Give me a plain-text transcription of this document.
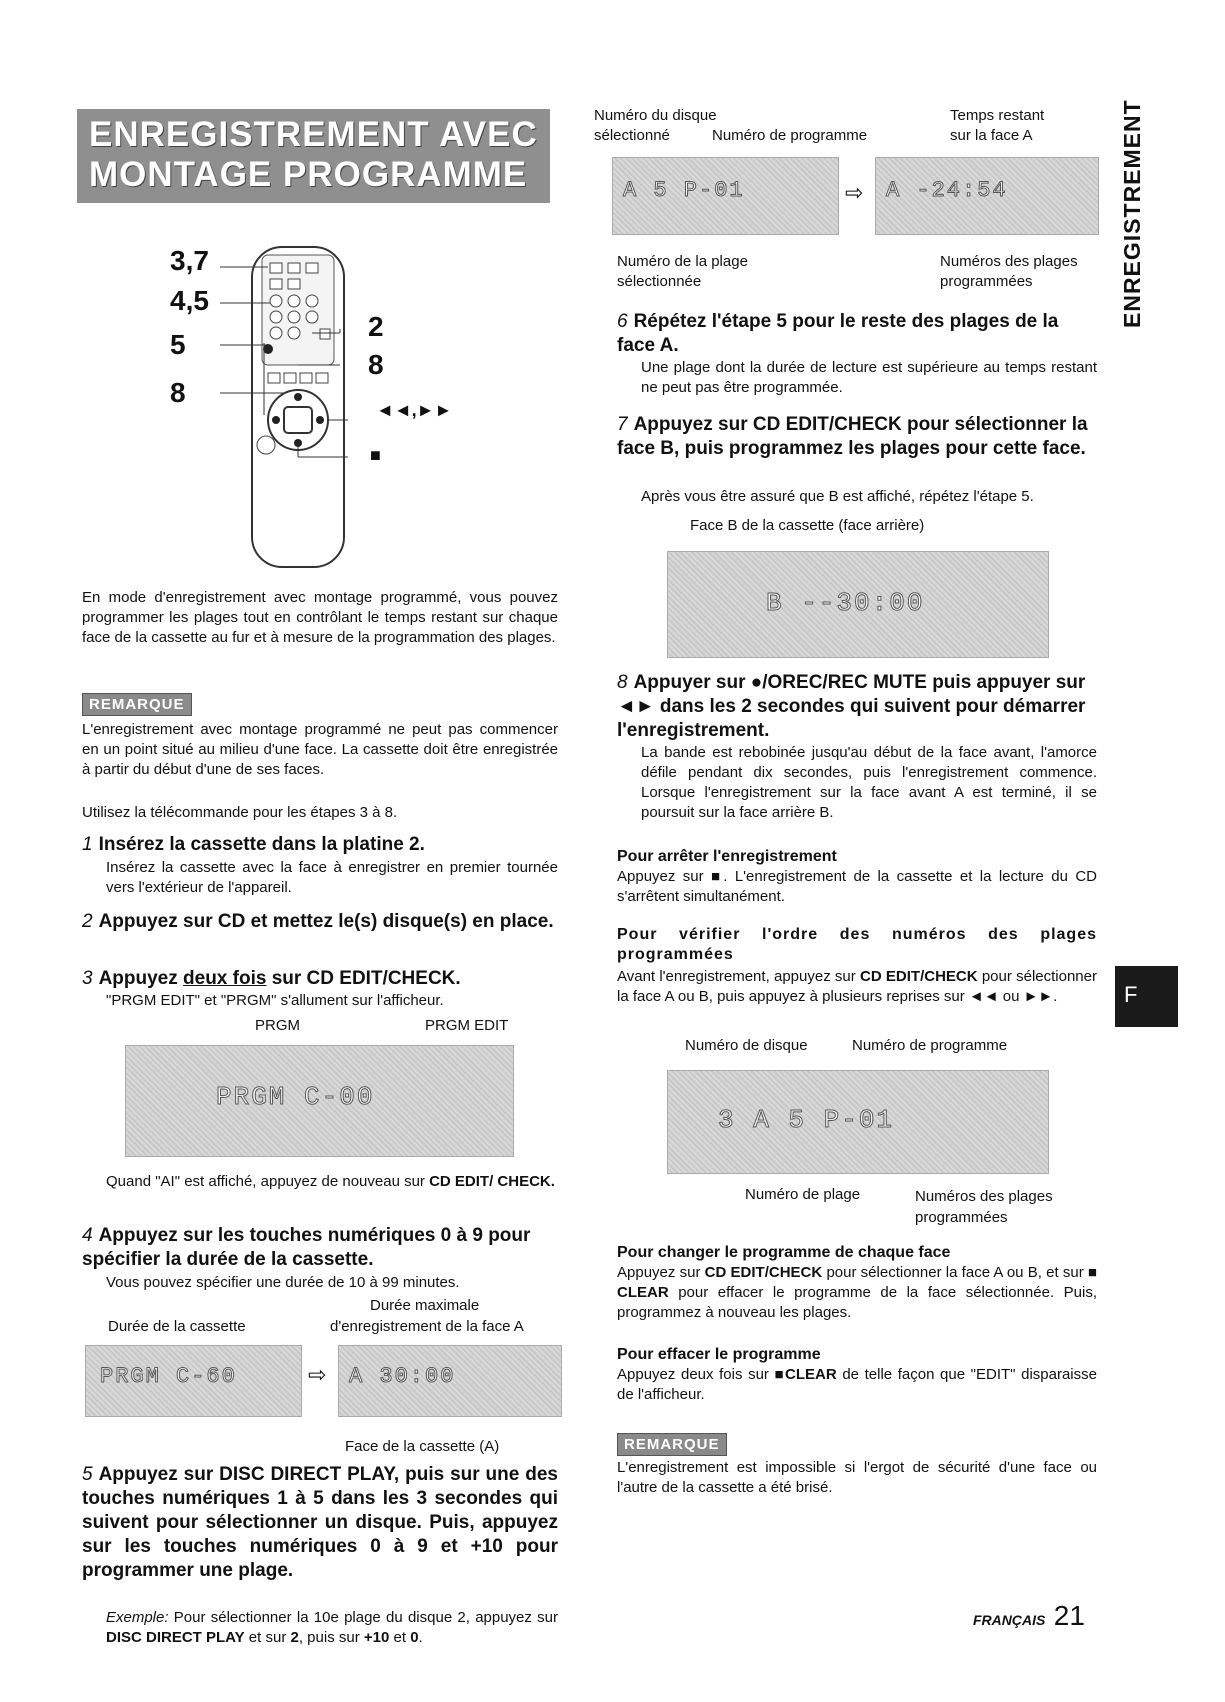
ENREGISTREMENT AVEC
MONTAGE PROGRAMME	ENREGISTREMENT
F
3,7
4,5
5
8
2
8
◄◄,►►
■
En mode d'enregistrement avec montage programmé, vous pouvez programmer les plages tout en contrôlant le temps restant sur chaque face de la cassette au fur et à mesure de la programmation des plages.
REMARQUE
L'enregistrement avec montage programmé ne peut pas commencer en un point situé au milieu d'une face. La cassette doit être enregistrée à partir du début d'une de ses faces.
Utilisez la télécommande pour les étapes 3 à 8.
1 Insérez la cassette dans la platine 2.
Insérez la cassette avec la face à enregistrer en premier tournée vers l'extérieur de l'appareil.
2 Appuyez sur CD et mettez le(s) disque(s) en place.
3 Appuyez deux fois sur CD EDIT/CHECK.
"PRGM EDIT" et "PRGM" s'allument sur l'afficheur.
PRGM	PRGM EDIT
PRGM C-00
Quand "AI" est affiché, appuyez de nouveau sur CD EDIT/ CHECK.
4 Appuyez sur les touches numériques 0 à 9 pour spécifier la durée de la cassette.
Vous pouvez spécifier une durée de 10 à 99 minutes.
Durée maximale
Durée de la cassette	d'enregistrement de la face A
PRGM C-60	⇨ A 30:00
Face de la cassette (A)
5 Appuyez sur DISC DIRECT PLAY, puis sur une des touches numériques 1 à 5 dans les 3 secondes qui suivent pour sélectionner un disque. Puis, appuyez sur les touches numériques 0 à 9 et +10 pour programmer une plage.
Exemple: Pour sélectionner la 10e plage du disque 2, appuyez sur DISC DIRECT PLAY et sur 2, puis sur +10 et 0.
Numéro du disque
sélectionné	Numéro de programme
Temps restant
sur la face A
A 5 P-01	⇨ A -24:54
Numéro de la plage
sélectionnée
Numéros des plages
programmées
6 Répétez l'étape 5 pour le reste des plages de la face A.
Une plage dont la durée de lecture est supérieure au temps restant ne peut pas être programmée.
7 Appuyez sur CD EDIT/CHECK pour sélectionner la face B, puis programmez les plages pour cette face.
Après vous être assuré que B est affiché, répétez l'étape 5.
Face B de la cassette (face arrière)
B --30:00
8 Appuyer sur ●/OREC/REC MUTE puis appuyer sur ◄► dans les 2 secondes qui suivent pour démarrer l'enregistrement.
La bande est rebobinée jusqu'au début de la face avant, l'amorce défile pendant dix secondes, puis l'enregistrement commence. Lorsque l'enregistrement sur la face avant A est terminé, il se poursuit sur la face arrière B.
Pour arrêter l'enregistrement
Appuyez sur ■. L'enregistrement de la cassette et la lecture du CD s'arrêtent simultanément.
Pour vérifier l'ordre des numéros des plages programmées
Avant l'enregistrement, appuyez sur CD EDIT/CHECK pour sélectionner la face A ou B, puis appuyez à plusieurs reprises sur ◄◄ ou ►►.
Numéro de disque	Numéro de programme
3 A 5 P-01
Numéro de plage	Numéros des plages
programmées
Pour changer le programme de chaque face
Appuyez sur CD EDIT/CHECK pour sélectionner la face A ou B, et sur ■ CLEAR pour effacer le programme de la face sélectionnée. Puis, programmez à nouveau les plages.
Pour effacer le programme
Appuyez deux fois sur ■CLEAR de telle façon que "EDIT" disparaisse de l'afficheur.
REMARQUE
L'enregistrement est impossible si l'ergot de sécurité d'une face ou l'autre de la cassette a été brisé.
FRANÇAIS 21
